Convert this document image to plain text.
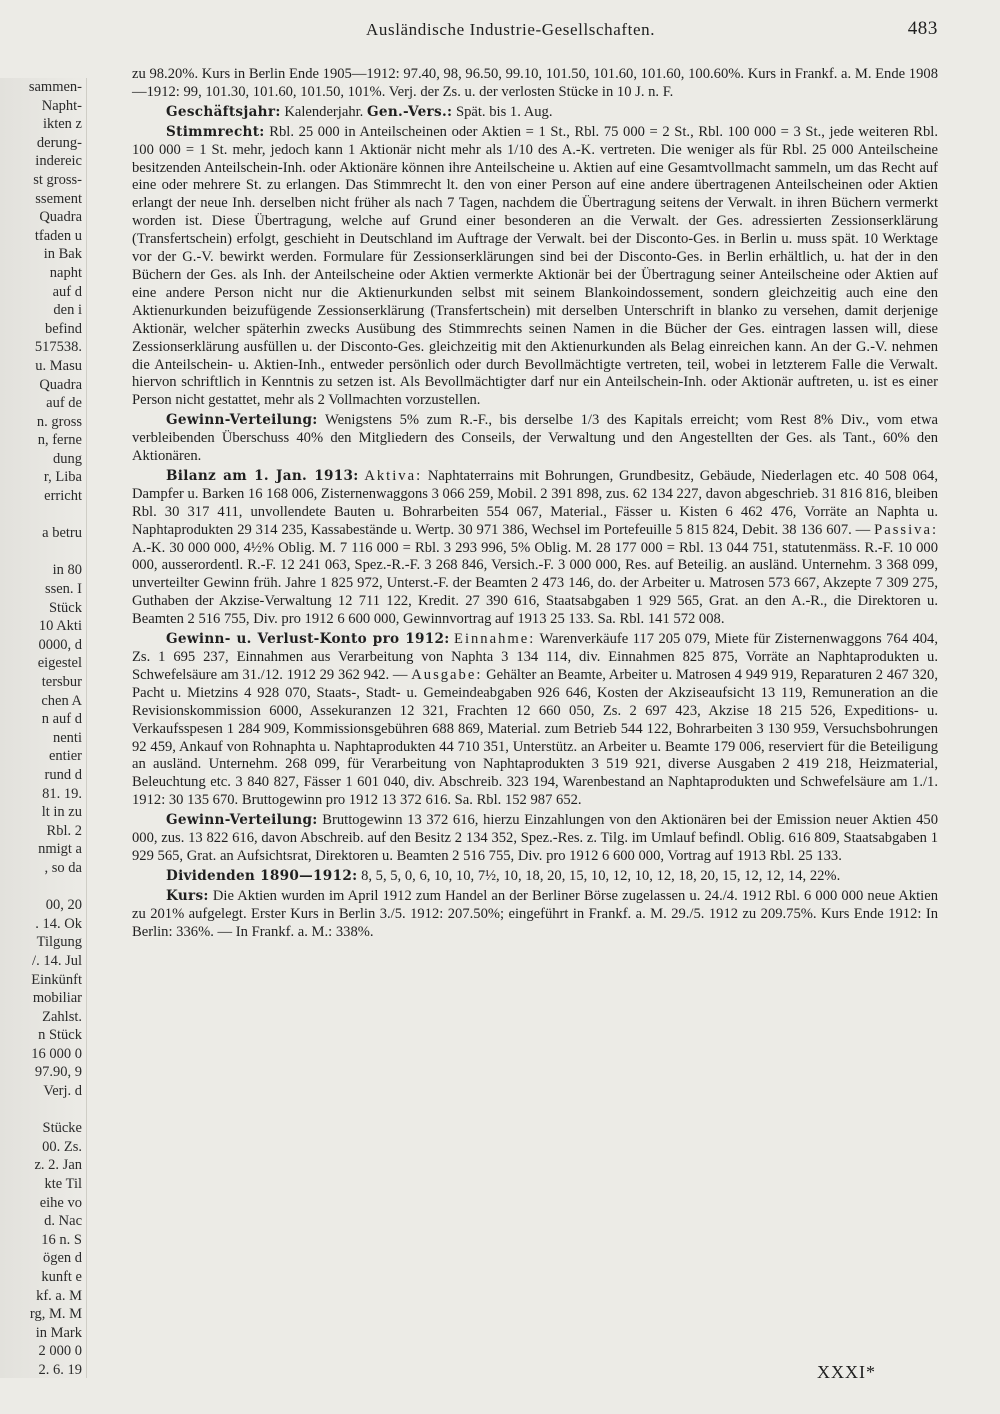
Ausländische Industrie-Gesellschaften.	483
sammen-
Napht-
ikten z
derung-
indereic
st gross-
ssement
Quadra
tfaden u
in Bak
napht
auf d
den i
befind
517538.
u. Masu
Quadra
auf de
n. gross
n, ferne
dung
r, Liba
erricht
a betru
in 80
ssen. I
Stück
10 Akti
0000, d
eigestel
tersbur
chen A
n auf d
nenti
entier
rund d
81. 19.
lt in zu
Rbl. 2
nmigt a
, so da
00, 20
. 14. Ok
Tilgung
/. 14. Jul
Einkünft
mobiliar
Zahlst.
n Stück
16 000 0
97.90, 9
Verj. d
Stücke
00. Zs.
z. 2. Jan
kte Til
eihe vo
d. Nac
16 n. S
ögen d
kunft e
kf. a. M
rg, M. M
in Mark
2 000 0
2. 6. 19

zu 98.20%. Kurs in Berlin Ende 1905—1912: 97.40, 98, 96.50, 99.10, 101.50, 101.60, 101.60, 100.60%. Kurs in Frankf. a. M. Ende 1908—1912: 99, 101.30, 101.60, 101.50, 101%. Verj. der Zs. u. der verlosten Stücke in 10 J. n. F.

Geschäftsjahr: Kalenderjahr. Gen.-Vers.: Spät. bis 1. Aug.

Stimmrecht: Rbl. 25 000 in Anteilscheinen oder Aktien = 1 St., Rbl. 75 000 = 2 St., Rbl. 100 000 = 3 St., jede weiteren Rbl. 100 000 = 1 St. mehr, jedoch kann 1 Aktionär nicht mehr als 1/10 des A.-K. vertreten. Die weniger als für Rbl. 25 000 Anteilscheine besitzenden Anteilschein-Inh. oder Aktionäre können ihre Anteilscheine u. Aktien auf eine Gesamtvollmacht sammeln, um das Recht auf eine oder mehrere St. zu erlangen. Das Stimmrecht lt. den von einer Person auf eine andere übertragenen Anteilscheinen oder Aktien erlangt der neue Inh. derselben nicht früher als nach 7 Tagen, nachdem die Übertragung seitens der Verwalt. in ihren Büchern vermerkt worden ist. Diese Übertragung, welche auf Grund einer besonderen an die Verwalt. der Ges. adressierten Zessionserklärung (Transfertschein) erfolgt, geschieht in Deutschland im Auftrage der Verwalt. bei der Disconto-Ges. in Berlin u. muss spät. 10 Werktage vor der G.-V. bewirkt werden. Formulare für Zessionserklärungen sind bei der Disconto-Ges. in Berlin erhältlich, u. hat der in den Büchern der Ges. als Inh. der Anteilscheine oder Aktien vermerkte Aktionär bei der Übertragung seiner Anteilscheine oder Aktien auf eine andere Person nicht nur die Aktienurkunden selbst mit seinem Blankoindossement, sondern gleichzeitig auch eine den Aktienurkunden beizufügende Zessionserklärung (Transfertschein) mit derselben Unterschrift in blanko zu versehen, damit derjenige Aktionär, welcher späterhin zwecks Ausübung des Stimmrechts seinen Namen in die Bücher der Ges. eintragen lassen will, diese Zessionserklärung ausfüllen u. der Disconto-Ges. gleichzeitig mit den Aktienurkunden als Belag einreichen kann. An der G.-V. nehmen die Anteilschein- u. Aktien-Inh., entweder persönlich oder durch Bevollmächtigte vertreten, teil, wobei in letzterem Falle die Verwalt. hiervon schriftlich in Kenntnis zu setzen ist. Als Bevollmächtigter darf nur ein Anteilschein-Inh. oder Aktionär auftreten, u. ist es einer Person nicht gestattet, mehr als 2 Vollmachten vorzustellen.

Gewinn-Verteilung: Wenigstens 5% zum R.-F., bis derselbe 1/3 des Kapitals erreicht; vom Rest 8% Div., vom etwa verbleibenden Überschuss 40% den Mitgliedern des Conseils, der Verwaltung und den Angestellten der Ges. als Tant., 60% den Aktionären.

Bilanz am 1. Jan. 1913: Aktiva: Naphtaterrains mit Bohrungen, Grundbesitz, Gebäude, Niederlagen etc. 40 508 064, Dampfer u. Barken 16 168 006, Zisternenwaggons 3 066 259, Mobil. 2 391 898, zus. 62 134 227, davon abgeschrieb. 31 816 816, bleiben Rbl. 30 317 411, unvollendete Bauten u. Bohrarbeiten 554 067, Material., Fässer u. Kisten 6 462 476, Vorräte an Naphta u. Naphtaprodukten 29 314 235, Kassabestände u. Wertp. 30 971 386, Wechsel im Portefeuille 5 815 824, Debit. 38 136 607. — Passiva: A.-K. 30 000 000, 4½% Oblig. M. 7 116 000 = Rbl. 3 293 996, 5% Oblig. M. 28 177 000 = Rbl. 13 044 751, statutenmäss. R.-F. 10 000 000, ausserordentl. R.-F. 12 241 063, Spez.-R.-F. 3 268 846, Versich.-F. 3 000 000, Res. auf Beteilig. an ausländ. Unternehm. 3 368 099, unverteilter Gewinn früh. Jahre 1 825 972, Unterst.-F. der Beamten 2 473 146, do. der Arbeiter u. Matrosen 573 667, Akzepte 7 309 275, Guthaben der Akzise-Verwaltung 12 711 122, Kredit. 27 390 616, Staatsabgaben 1 929 565, Grat. an den A.-R., die Direktoren u. Beamten 2 516 755, Div. pro 1912 6 600 000, Gewinnvortrag auf 1913 25 133. Sa. Rbl. 141 572 008.

Gewinn- u. Verlust-Konto pro 1912: Einnahme: Warenverkäufe 117 205 079, Miete für Zisternenwaggons 764 404, Zs. 1 695 237, Einnahmen aus Verarbeitung von Naphta 3 134 114, div. Einnahmen 825 875, Vorräte an Naphtaprodukten u. Schwefelsäure am 31./12. 1912 29 362 942. — Ausgabe: Gehälter an Beamte, Arbeiter u. Matrosen 4 949 919, Reparaturen 2 467 320, Pacht u. Mietzins 4 928 070, Staats-, Stadt- u. Gemeindeabgaben 926 646, Kosten der Akziseaufsicht 13 119, Remuneration an die Revisionskommission 6000, Assekuranzen 12 321, Frachten 12 660 050, Zs. 2 697 423, Akzise 18 215 526, Expeditions- u. Verkaufsspesen 1 284 909, Kommissionsgebühren 688 869, Material. zum Betrieb 544 122, Bohrarbeiten 3 130 959, Versuchsbohrungen 92 459, Ankauf von Rohnaphta u. Naphtaprodukten 44 710 351, Unterstütz. an Arbeiter u. Beamte 179 006, reserviert für die Beteiligung an ausländ. Unternehm. 268 099, für Verarbeitung von Naphtaprodukten 3 519 921, diverse Ausgaben 2 419 218, Heizmaterial, Beleuchtung etc. 3 840 827, Fässer 1 601 040, div. Abschreib. 323 194, Warenbestand an Naphtaprodukten und Schwefelsäure am 1./1. 1912: 30 135 670. Bruttogewinn pro 1912 13 372 616. Sa. Rbl. 152 987 652.

Gewinn-Verteilung: Bruttogewinn 13 372 616, hierzu Einzahlungen von den Aktionären bei der Emission neuer Aktien 450 000, zus. 13 822 616, davon Abschreib. auf den Besitz 2 134 352, Spez.-Res. z. Tilg. im Umlauf befindl. Oblig. 616 809, Staatsabgaben 1 929 565, Grat. an Aufsichtsrat, Direktoren u. Beamten 2 516 755, Div. pro 1912 6 600 000, Vortrag auf 1913 Rbl. 25 133.

Dividenden 1890—1912: 8, 5, 5, 0, 6, 10, 10, 7½, 10, 18, 20, 15, 10, 12, 10, 12, 18, 20, 15, 12, 12, 14, 22%.

Kurs: Die Aktien wurden im April 1912 zum Handel an der Berliner Börse zugelassen u. 24./4. 1912 Rbl. 6 000 000 neue Aktien zu 201% aufgelegt. Erster Kurs in Berlin 3./5. 1912: 207.50%; eingeführt in Frankf. a. M. 29./5. 1912 zu 209.75%. Kurs Ende 1912: In Berlin: 336%. — In Frankf. a. M.: 338%.

XXXI*
